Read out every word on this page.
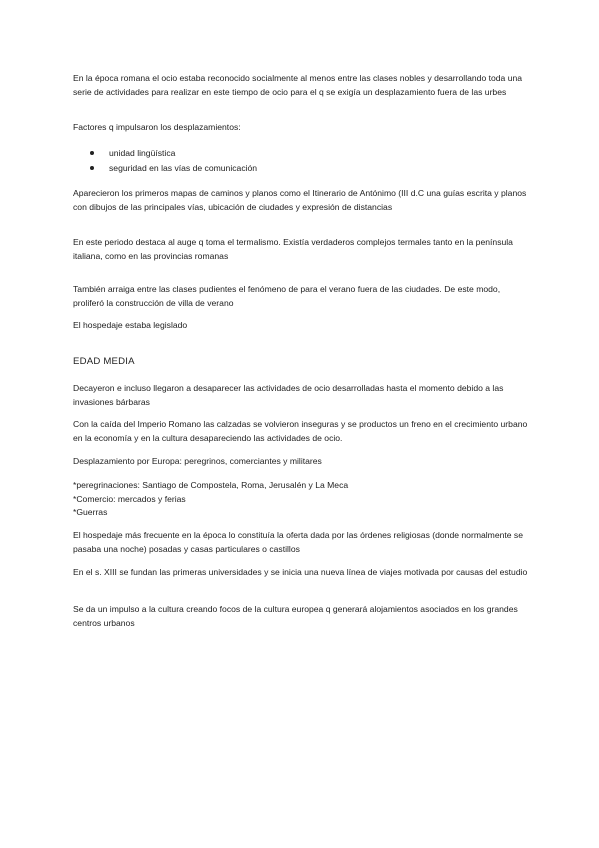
En la época romana el ocio estaba reconocido socialmente al menos entre las clases nobles y desarrollando toda una serie de actividades para realizar en este tiempo de ocio para el q se exigía un desplazamiento fuera de las urbes

Factores q impulsaron los desplazamientos:

unidad lingüística
seguridad en las vías de comunicación

Aparecieron los primeros mapas de caminos y planos como el Itinerario de Antónimo (III d.C una guías escrita y planos con dibujos de las principales vías, ubicación de ciudades y expresión de distancias

En este periodo destaca al auge q toma el termalismo. Existía verdaderos complejos termales tanto en la península italiana, como en las provincias romanas

También arraiga entre las clases pudientes el fenómeno de para el verano fuera de las ciudades. De este modo, proliferó la construcción de villa de verano

El hospedaje estaba legislado

EDAD MEDIA

Decayeron e incluso llegaron a desaparecer las actividades de ocio desarrolladas hasta el momento debido a las invasiones bárbaras

Con la caída del Imperio Romano las calzadas se volvieron inseguras y se productos un freno en el crecimiento urbano en la economía y en la cultura desapareciendo las actividades de ocio.

Desplazamiento por Europa: peregrinos, comerciantes y militares

*peregrinaciones: Santiago de Compostela, Roma, Jerusalén y La Meca
*Comercio: mercados y ferias
*Guerras

El hospedaje más frecuente en la época lo constituía la oferta dada por las órdenes religiosas (donde normalmente se pasaba una noche) posadas y casas particulares o castillos

En el s. XIII se fundan las primeras universidades y se inicia una nueva línea de viajes motivada por causas del estudio

Se da un impulso a la cultura creando focos de la cultura europea q generará alojamientos asociados en los grandes centros urbanos
